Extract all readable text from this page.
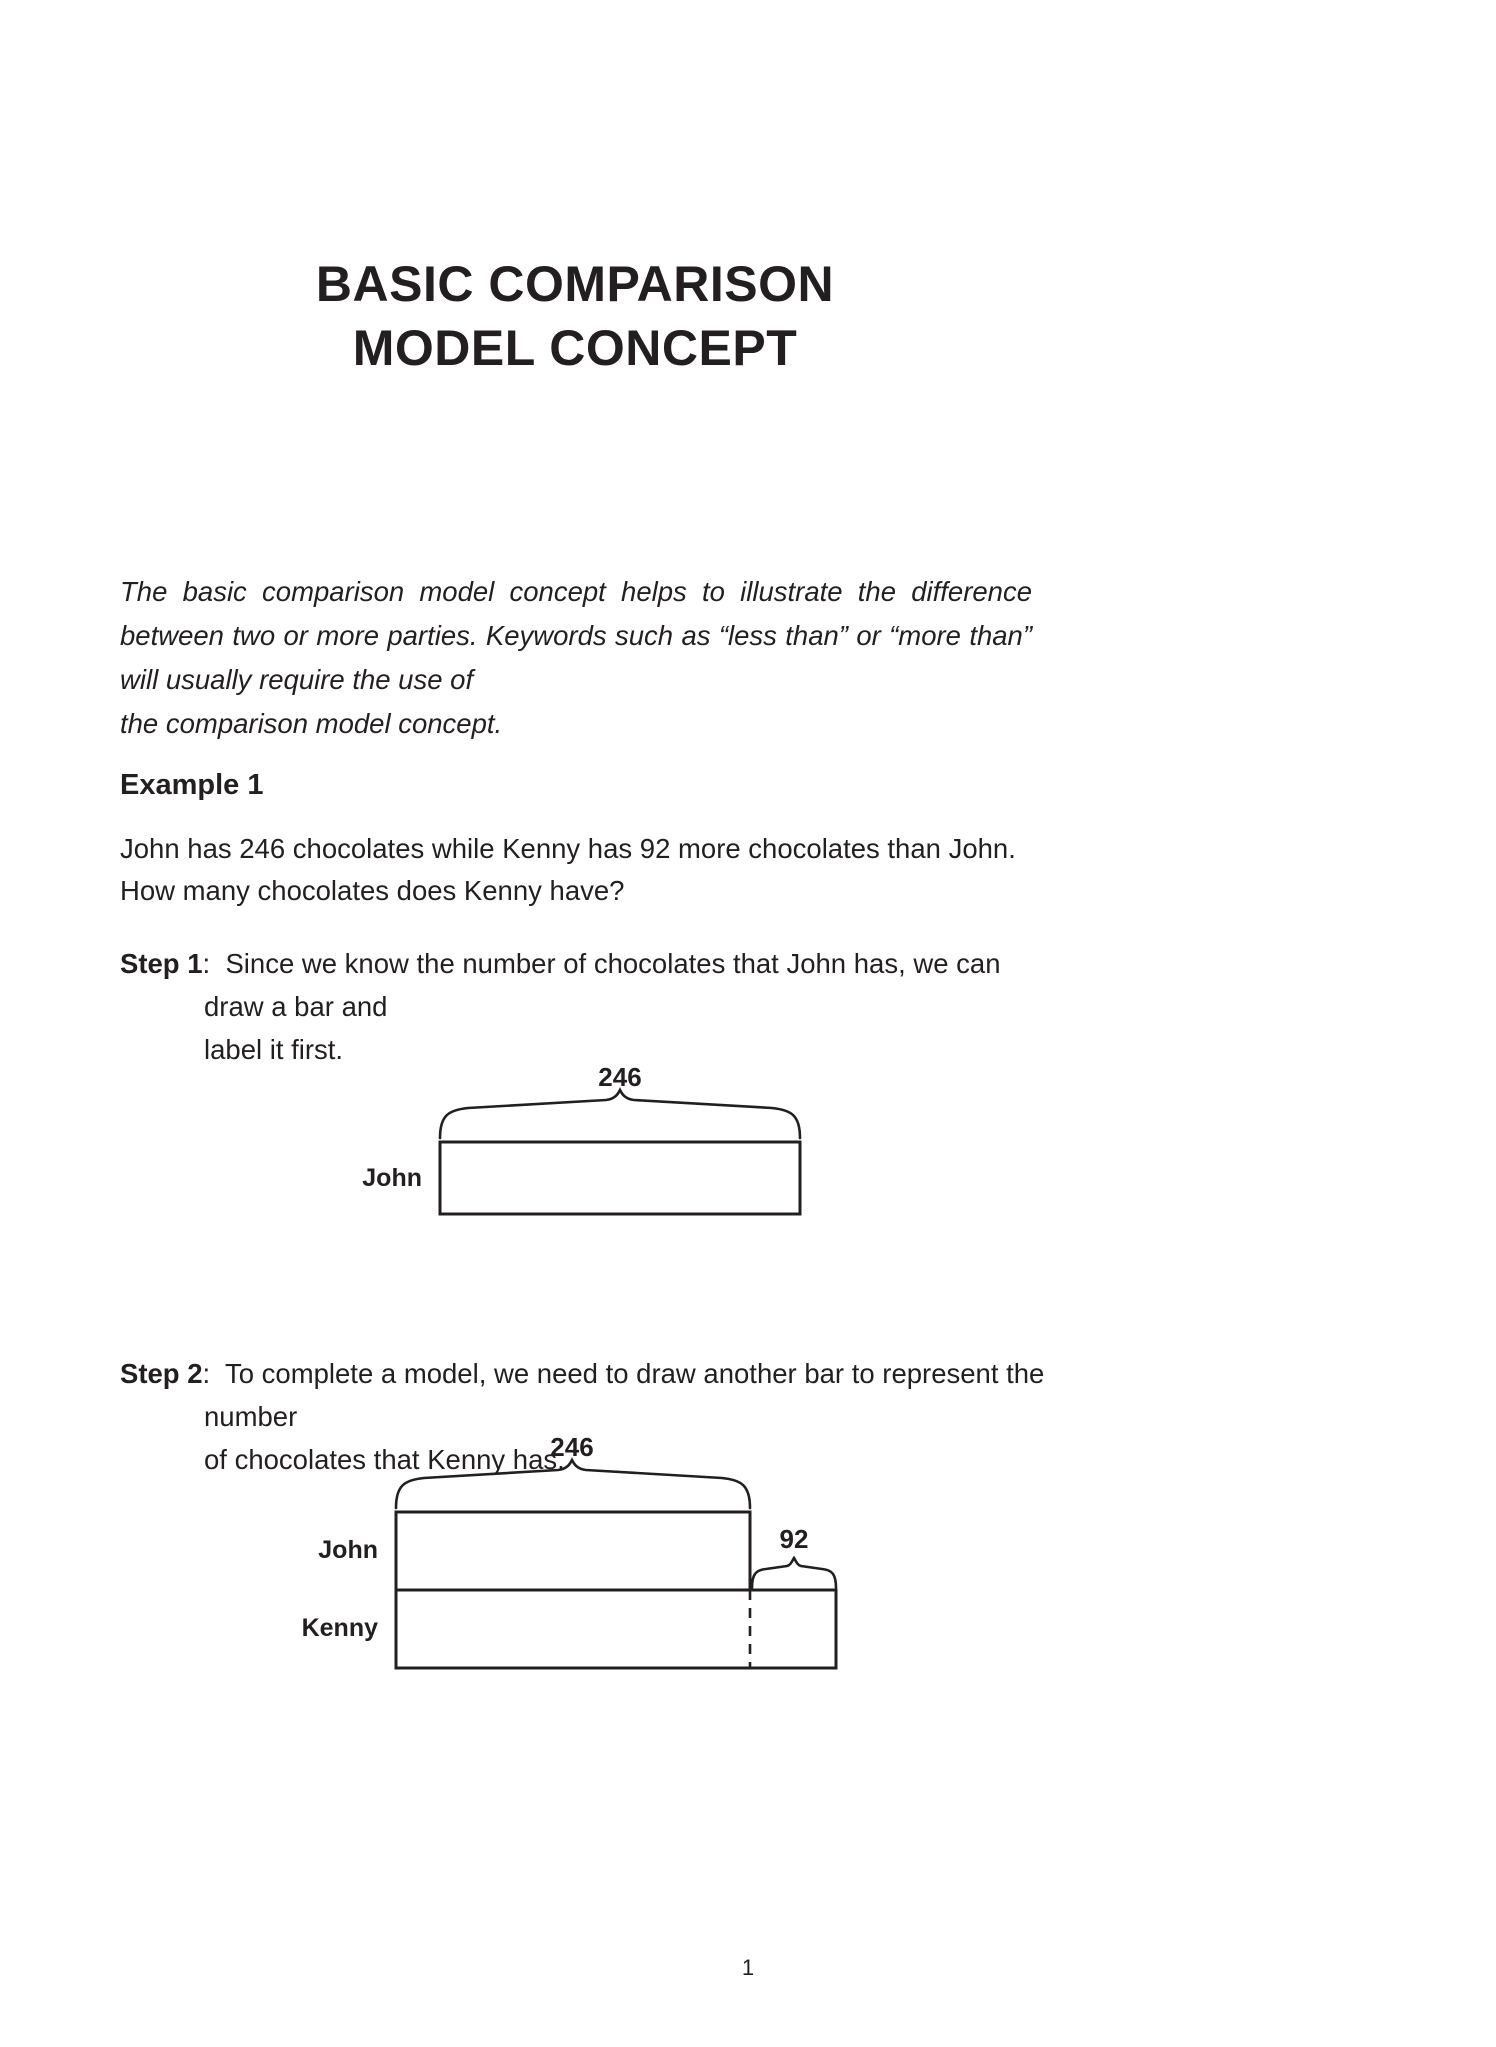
BASIC COMPARISON
MODEL CONCEPT
The basic comparison model concept helps to illustrate the difference between two or more parties. Keywords such as “less than” or “more than” will usually require the use of
the comparison model concept.
Example 1
John has 246 chocolates while Kenny has 92 more chocolates than John.
How many chocolates does Kenny have?
Step 1: Since we know the number of chocolates that John has, we can draw a bar and
label it first.
246
John
Step 2: To complete a model, we need to draw another bar to represent the number
of chocolates that Kenny has.
246
John	92
Kenny
1
